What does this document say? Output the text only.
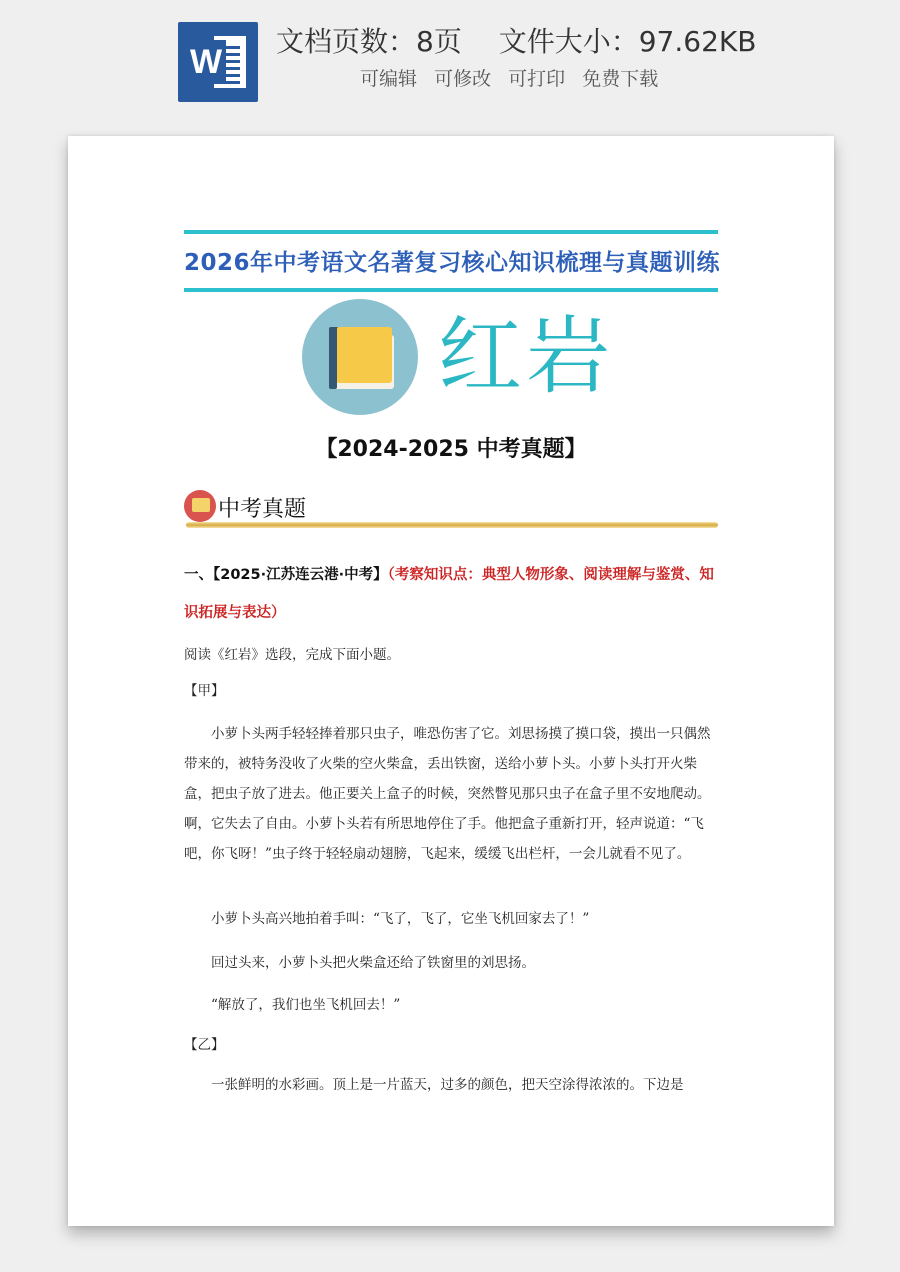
W
文档页数：8页 文件大小：97.62KB
可编辑 可修改 可打印 免费下载
2026年中考语文名著复习核心知识梳理与真题训练
红岩
【2024-2025 中考真题】
中考真题
一、【2025·江苏连云港·中考】（考察知识点：典型人物形象、阅读理解与鉴赏、知识拓展与表达）
阅读《红岩》选段，完成下面小题。
【甲】
小萝卜头两手轻轻捧着那只虫子，唯恐伤害了它。刘思扬摸了摸口袋，摸出一只偶然带来的，被特务没收了火柴的空火柴盒，丢出铁窗，送给小萝卜头。小萝卜头打开火柴盒，把虫子放了进去。他正要关上盒子的时候，突然瞥见那只虫子在盒子里不安地爬动。啊，它失去了自由。小萝卜头若有所思地停住了手。他把盒子重新打开，轻声说道：“飞吧，你飞呀！”虫子终于轻轻扇动翅膀，飞起来，缓缓飞出栏杆，一会儿就看不见了。
小萝卜头高兴地拍着手叫：“飞了，飞了，它坐飞机回家去了！”
回过头来，小萝卜头把火柴盒还给了铁窗里的刘思扬。
“解放了，我们也坐飞机回去！”
【乙】
一张鲜明的水彩画。顶上是一片蓝天，过多的颜色，把天空涂得浓浓的。下边是
